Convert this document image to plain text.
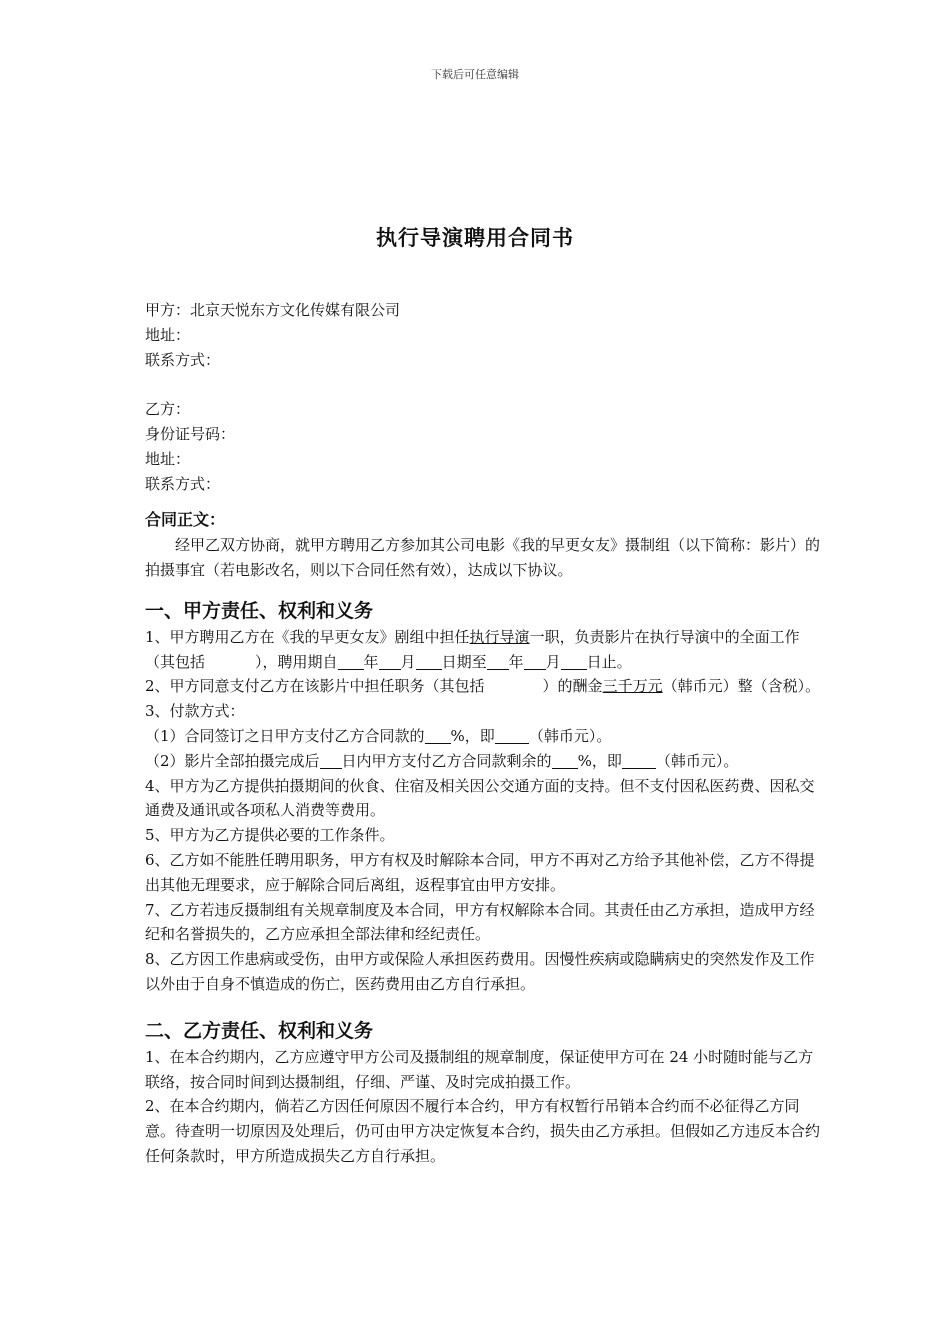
下载后可任意编辑
执行导演聘用合同书

甲方：北京天悦东方文化传媒有限公司

地址：

联系方式：

乙方：

身份证号码：

地址：

联系方式：

合同正文：

经甲乙双方协商，就甲方聘用乙方参加其公司电影《我的早更女友》摄制组（以下简称：影片）的拍摄事宜（若电影改名，则以下合同任然有效），达成以下协议。

一、甲方责任、权利和义务

1、甲方聘用乙方在《我的早更女友》剧组中担任执行导演一职，负责影片在执行导演中的全面工作（其包括	），聘用期自 年 月 日期至 年 月 日止。

2、甲方同意支付乙方在该影片中担任职务（其包括	）的酬金三千万元（韩币元）整（含税）。

3、付款方式：

（1）合同签订之日甲方支付乙方合同款的 %，即 （韩币元）。

（2）影片全部拍摄完成后 日内甲方支付乙方合同款剩余的 %，即 （韩币元）。

4、甲方为乙方提供拍摄期间的伙食、住宿及相关因公交通方面的支持。但不支付因私医药费、因私交通费及通讯或各项私人消费等费用。

5、甲方为乙方提供必要的工作条件。

6、乙方如不能胜任聘用职务，甲方有权及时解除本合同，甲方不再对乙方给予其他补偿，乙方不得提出其他无理要求，应于解除合同后离组，返程事宜由甲方安排。

7、乙方若违反摄制组有关规章制度及本合同，甲方有权解除本合同。其责任由乙方承担，造成甲方经纪和名誉损失的，乙方应承担全部法律和经纪责任。

8、乙方因工作患病或受伤，由甲方或保险人承担医药费用。因慢性疾病或隐瞒病史的突然发作及工作以外由于自身不慎造成的伤亡，医药费用由乙方自行承担。

二、乙方责任、权利和义务

1、在本合约期内，乙方应遵守甲方公司及摄制组的规章制度，保证使甲方可在 24 小时随时能与乙方联络，按合同时间到达摄制组，仔细、严谨、及时完成拍摄工作。

2、在本合约期内，倘若乙方因任何原因不履行本合约，甲方有权暂行吊销本合约而不必征得乙方同意。待查明一切原因及处理后，仍可由甲方决定恢复本合约，损失由乙方承担。但假如乙方违反本合约任何条款时，甲方所造成损失乙方自行承担。
